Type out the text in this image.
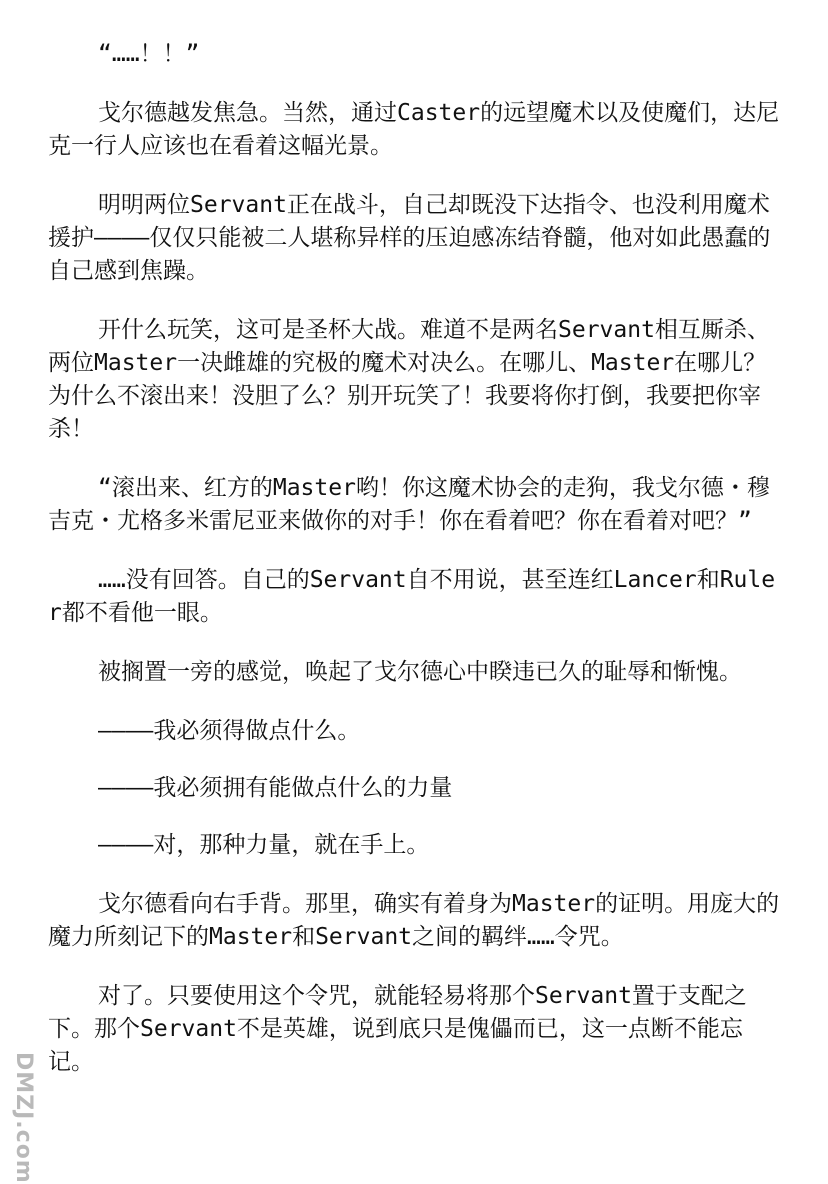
“……！！”

戈尔德越发焦急。当然，通过Caster的远望魔术以及使魔们，达尼克一行人应该也在看着这幅光景。

明明两位Servant正在战斗，自己却既没下达指令、也没利用魔术援护————仅仅只能被二人堪称异样的压迫感冻结脊髓，他对如此愚蠢的自己感到焦躁。

开什么玩笑，这可是圣杯大战。难道不是两名Servant相互厮杀、两位Master一决雌雄的究极的魔术对决么。在哪儿、Master在哪儿？为什么不滚出来！没胆了么？别开玩笑了！我要将你打倒，我要把你宰杀！

“滚出来、红方的Master哟！你这魔术协会的走狗，我戈尔德・穆吉克・尤格多米雷尼亚来做你的对手！你在看着吧？你在看着对吧？”

……没有回答。自己的Servant自不用说，甚至连红Lancer和Ruler都不看他一眼。

被搁置一旁的感觉，唤起了戈尔德心中睽违已久的耻辱和惭愧。

————我必须得做点什么。

————我必须拥有能做点什么的力量

————对，那种力量，就在手上。

戈尔德看向右手背。那里，确实有着身为Master的证明。用庞大的魔力所刻记下的Master和Servant之间的羁绊……令咒。

对了。只要使用这个令咒，就能轻易将那个Servant置于支配之下。那个Servant不是英雄，说到底只是傀儡而已，这一点断不能忘记。

DMZJ.com
